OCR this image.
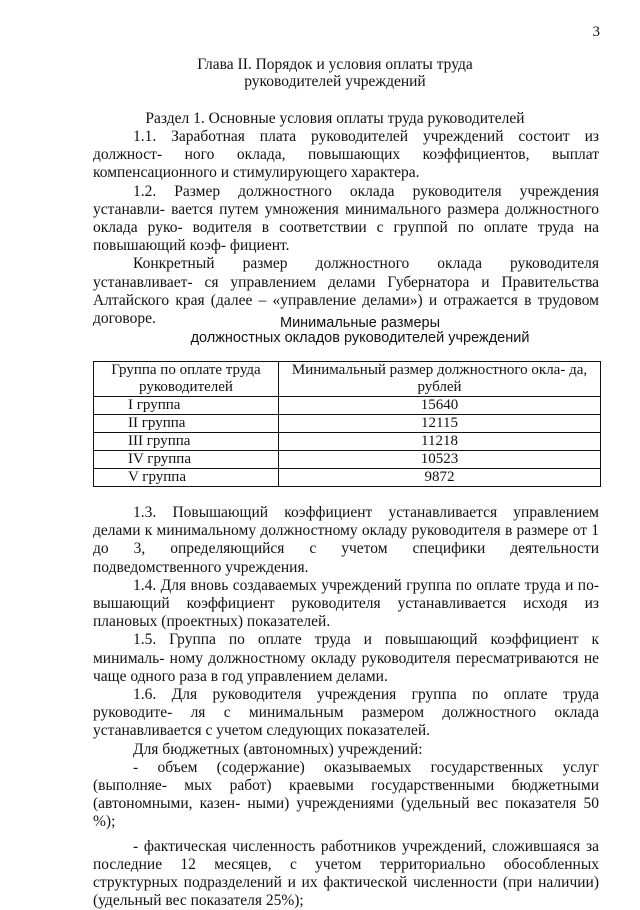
3
Глава II. Порядок и условия оплаты труда
руководителей учреждений
Раздел 1. Основные условия оплаты труда руководителей

1.1. Заработная плата руководителей учреждений состоит из должност- ного оклада, повышающих коэффициентов, выплат компенсационного и стимулирующего характера.

1.2. Размер должностного оклада руководителя учреждения устанавли- вается путем умножения минимального размера должностного оклада руко- водителя в соответствии с группой по оплате труда на повышающий коэф- фициент.

Конкретный размер должностного оклада руководителя устанавливает- ся управлением делами Губернатора и Правительства Алтайского края (далее – «управление делами») и отражается в трудовом договоре.	Минимальные размеры
должностных окладов руководителей учреждений
Группа по оплате труда руководителей	Минимальный размер должностного окла- да, рублей
I группа	15640
II группа	12115
III группа	11218
IV группа	10523
V группа	9872

1.3. Повышающий коэффициент устанавливается управлением делами к минимальному должностному окладу руководителя в размере от 1 до 3, определяющийся с учетом специфики деятельности подведомственного учреждения.

1.4. Для вновь создаваемых учреждений группа по оплате труда и по- вышающий коэффициент руководителя устанавливается исходя из плановых (проектных) показателей.

1.5. Группа по оплате труда и повышающий коэффициент к минималь- ному должностному окладу руководителя пересматриваются не чаще одного раза в год управлением делами.

1.6. Для руководителя учреждения группа по оплате труда руководите- ля с минимальным размером должностного оклада устанавливается с учетом следующих показателей.

Для бюджетных (автономных) учреждений:

- объем (содержание) оказываемых государственных услуг (выполняе- мых работ) краевыми государственными бюджетными (автономными, казен- ными) учреждениями (удельный вес показателя 50 %);

- фактическая численность работников учреждений, сложившаяся за последние 12 месяцев, с учетом территориально обособленных структурных подразделений и их фактической численности (при наличии) (удельный вес показателя 25%);
